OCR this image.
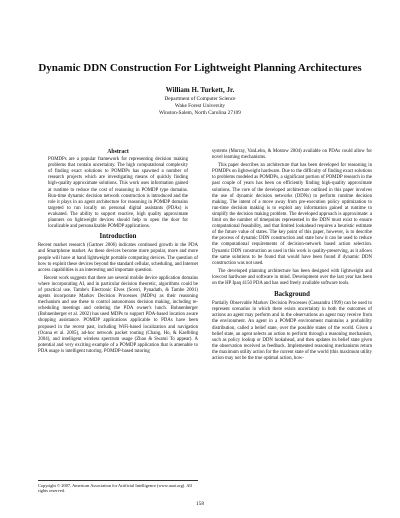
Dynamic DDN Construction For Lightweight Planning Architectures
William H. Turkett, Jr.
Department of Computer Science
Wake Forest University
Winston-Salem, North Carolina 27109
Abstract
POMDPs are a popular framework for representing decision making problems that contain uncertainty. The high computational complexity of finding exact solutions to POMDPs has spawned a number of research projects which are investigating means of quickly finding high-quality approximate solutions. This work uses information gained at runtime to reduce the cost of reasoning in POMDP type domains. Run-time dynamic decision network construction is introduced and the role it plays in an agent architecture for reasoning in POMDP domains targeted to run locally on personal digital assistants (PDAs) is evaluated. The ability to support reactive, high quality approximate planners on lightweight devices should help to open the door for localizable and personalizable POMDP applications.
Introduction

Recent market research (Gartner 2006) indicates continued growth in the PDA and Smartphone market. As these devices become more popular, more and more people will have at hand lightweight portable computing devices. The question of how to exploit these devices beyond the standard cellular, scheduling, and Internet access capabilities is an interesting and important question.

Recent work suggests that there are several mobile device application domains where incorporating AI, and in particular decision theoretic, algorithms could be of practical use. Tambe's Electronic Elves (Scerri, Pynadath, & Tambe 2001) agents incorporate Markov Decision Processes (MDPs) as their reasoning mechanism and use these to control autonomous decision making, including re-scheduling meetings and ordering the PDA owner's lunch. Bohnenberger (Bohnenberger et al. 2002) has used MDPs to support PDA-based location aware shopping assistance. POMDP applications applicable to PDAs have been proposed in the recent past, including WiFi-based localization and navigation (Ocana et al. 2005), ad-hoc network packet routing (Chang, Ho, & Kaelbling 2004), and intelligent wireless spectrum usage (Zhao & Swami To appear). A potential and very exciting example of a POMDP application that is amenable to PDA usage is intelligent tutoring. POMDP-based tutoring

Copyright © 2007, American Association for Artificial Intelligence (www.aaai.org). All rights reserved.

systems (Murray, VanLehn, & Mostow 2004) available on PDAs could allow for novel learning mechanisms.

This paper describes an architecture that has been developed for reasoning in POMDPs on lightweight hardware. Due to the difficulty of finding exact solutions to problems modeled as POMDPs, a significant portion of POMDP research in the past couple of years has been on efficiently finding high-quality approximate solutions. The core of the developed architecture outlined in this paper involves the use of dynamic decision networks (DDNs) to perform runtime decision making. The intent of a move away from pre-execution policy optimization to run-time decision making is to exploit any information gained at runtime to simplify the decision making problem. The developed approach is approximate: a limit on the number of timepoints represented in the DDN must exist to ensure computational feasability, and that limited lookahead requires a heuristic estimate of the future value of states. The key point of this paper, however, is to describe the process of dynamic DDN construction and state how it can be used to reduce the computational requirements of decision-network based action selection. Dynamic DDN construction as used in this work is quality-preserving, as it allows the same solutions to be found that would have been found if dynamic DDN construction was not used.

The developed planning architecture has been designed with lightweight and lowcost hardware and software in mind. Development over the last year has been on the HP Ipaq 4150 PDA and has used freely available software tools.

Background

Partially Observable Markov Decision Processes (Cassandra 1999) can be used to represent scenarios in which there exists uncertainty in both the outcomes of actions an agent may perform and in the observations an agent may receive from the environment. An agent in a POMDP environment maintains a probability distribution, called a belief state, over the possible states of the world. Given a belief state, an agent selects an action to perform through a reasoning mechanism, such as policy lookup or DDN lookahead, and then updates its belief state given the observation received as feedback. Implemented reasoning mechanisms return the maximum utility action for the current state of the world (this maximum utility action may not be the true optimal action, how-

158
